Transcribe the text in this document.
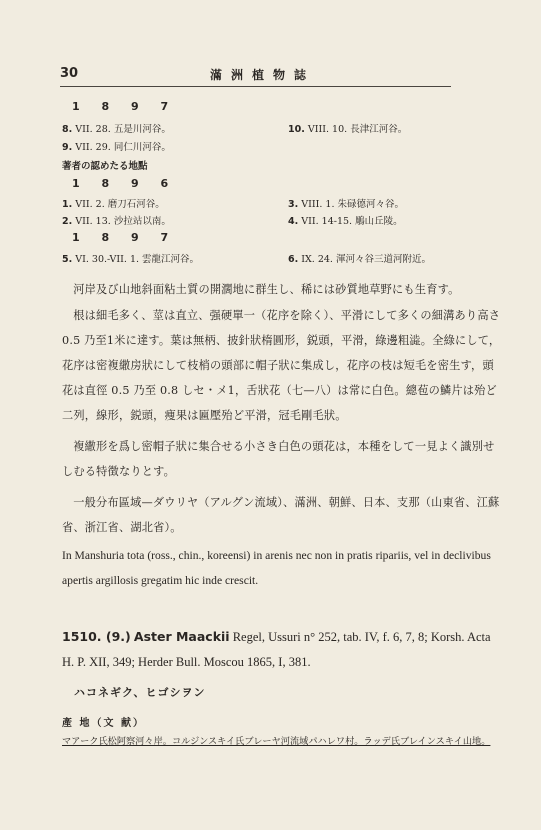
30	滿洲植物誌
1 8 9 7
8. VII. 28. 五是川河谷。
9. VII. 29. 同仁川河谷。
10. VIII. 10. 長津江河谷。
著者の認めたる地點
1 8 9 6
1. VII. 2. 磨刀石河谷。
2. VII. 13. 沙拉站以南。
3. VIII. 1. 朱碌德河々谷。
4. VII. 14-15. 鵰山丘陵。
1 8 9 7
5. VI. 30.-VII. 1. 雲龍江河谷。	6. IX. 24. 渾河々谷三道河附近。
河岸及び山地斜面粘土質の開濶地に群生し、稀には砂質地草野にも生育す。
根は細毛多く、莖は直立、强硬單一（花序を除く）、平滑にして多くの細溝あり高さ 0.5 乃至1米に達す。葉は無柄、披針狀楕圓形，鋭頭，平滑，綠邊粗澁。全綠にして，花序は密複繖房狀にして枝梢の頭部に帽子狀に集成し，花序の枝は短毛を密生す，頭花は直徑 0.5 乃至 0.8 しセ・メ1，舌狀花（七—八）は常に白色。總苞の鱗片は殆ど二列，線形，鋭頭，痩果は匾壓殆ど平滑，冠毛剛毛狀。
複繖形を爲し密帽子狀に集合せる小さき白色の頭花は，本種をして一見よく識別せしむる特徴なりとす。
一般分布區域—ダウリヤ（アルグン流域）、滿洲、朝鮮、日本、支那（山東省、江蘇省、浙江省、湖北省）。
In Manshuria tota (ross., chin., koreensi) in arenis nec non in pratis ripariis, vel in declivibus apertis argillosis gregatim hic inde crescit.
1510. (9.) Aster Maackii Regel, Ussuri n° 252, tab. IV, f. 6, 7, 8; Korsh. Acta H. P. XII, 349; Herder Bull. Moscou 1865, I, 381.
ハコネギク、ヒゴシヲン
產 地（文 献）
マアーク氏松阿察河々岸。コルジンスキイ氏ブレーヤ河流域パハレワ村。ラッデ氏ブレインスキイ山地。
